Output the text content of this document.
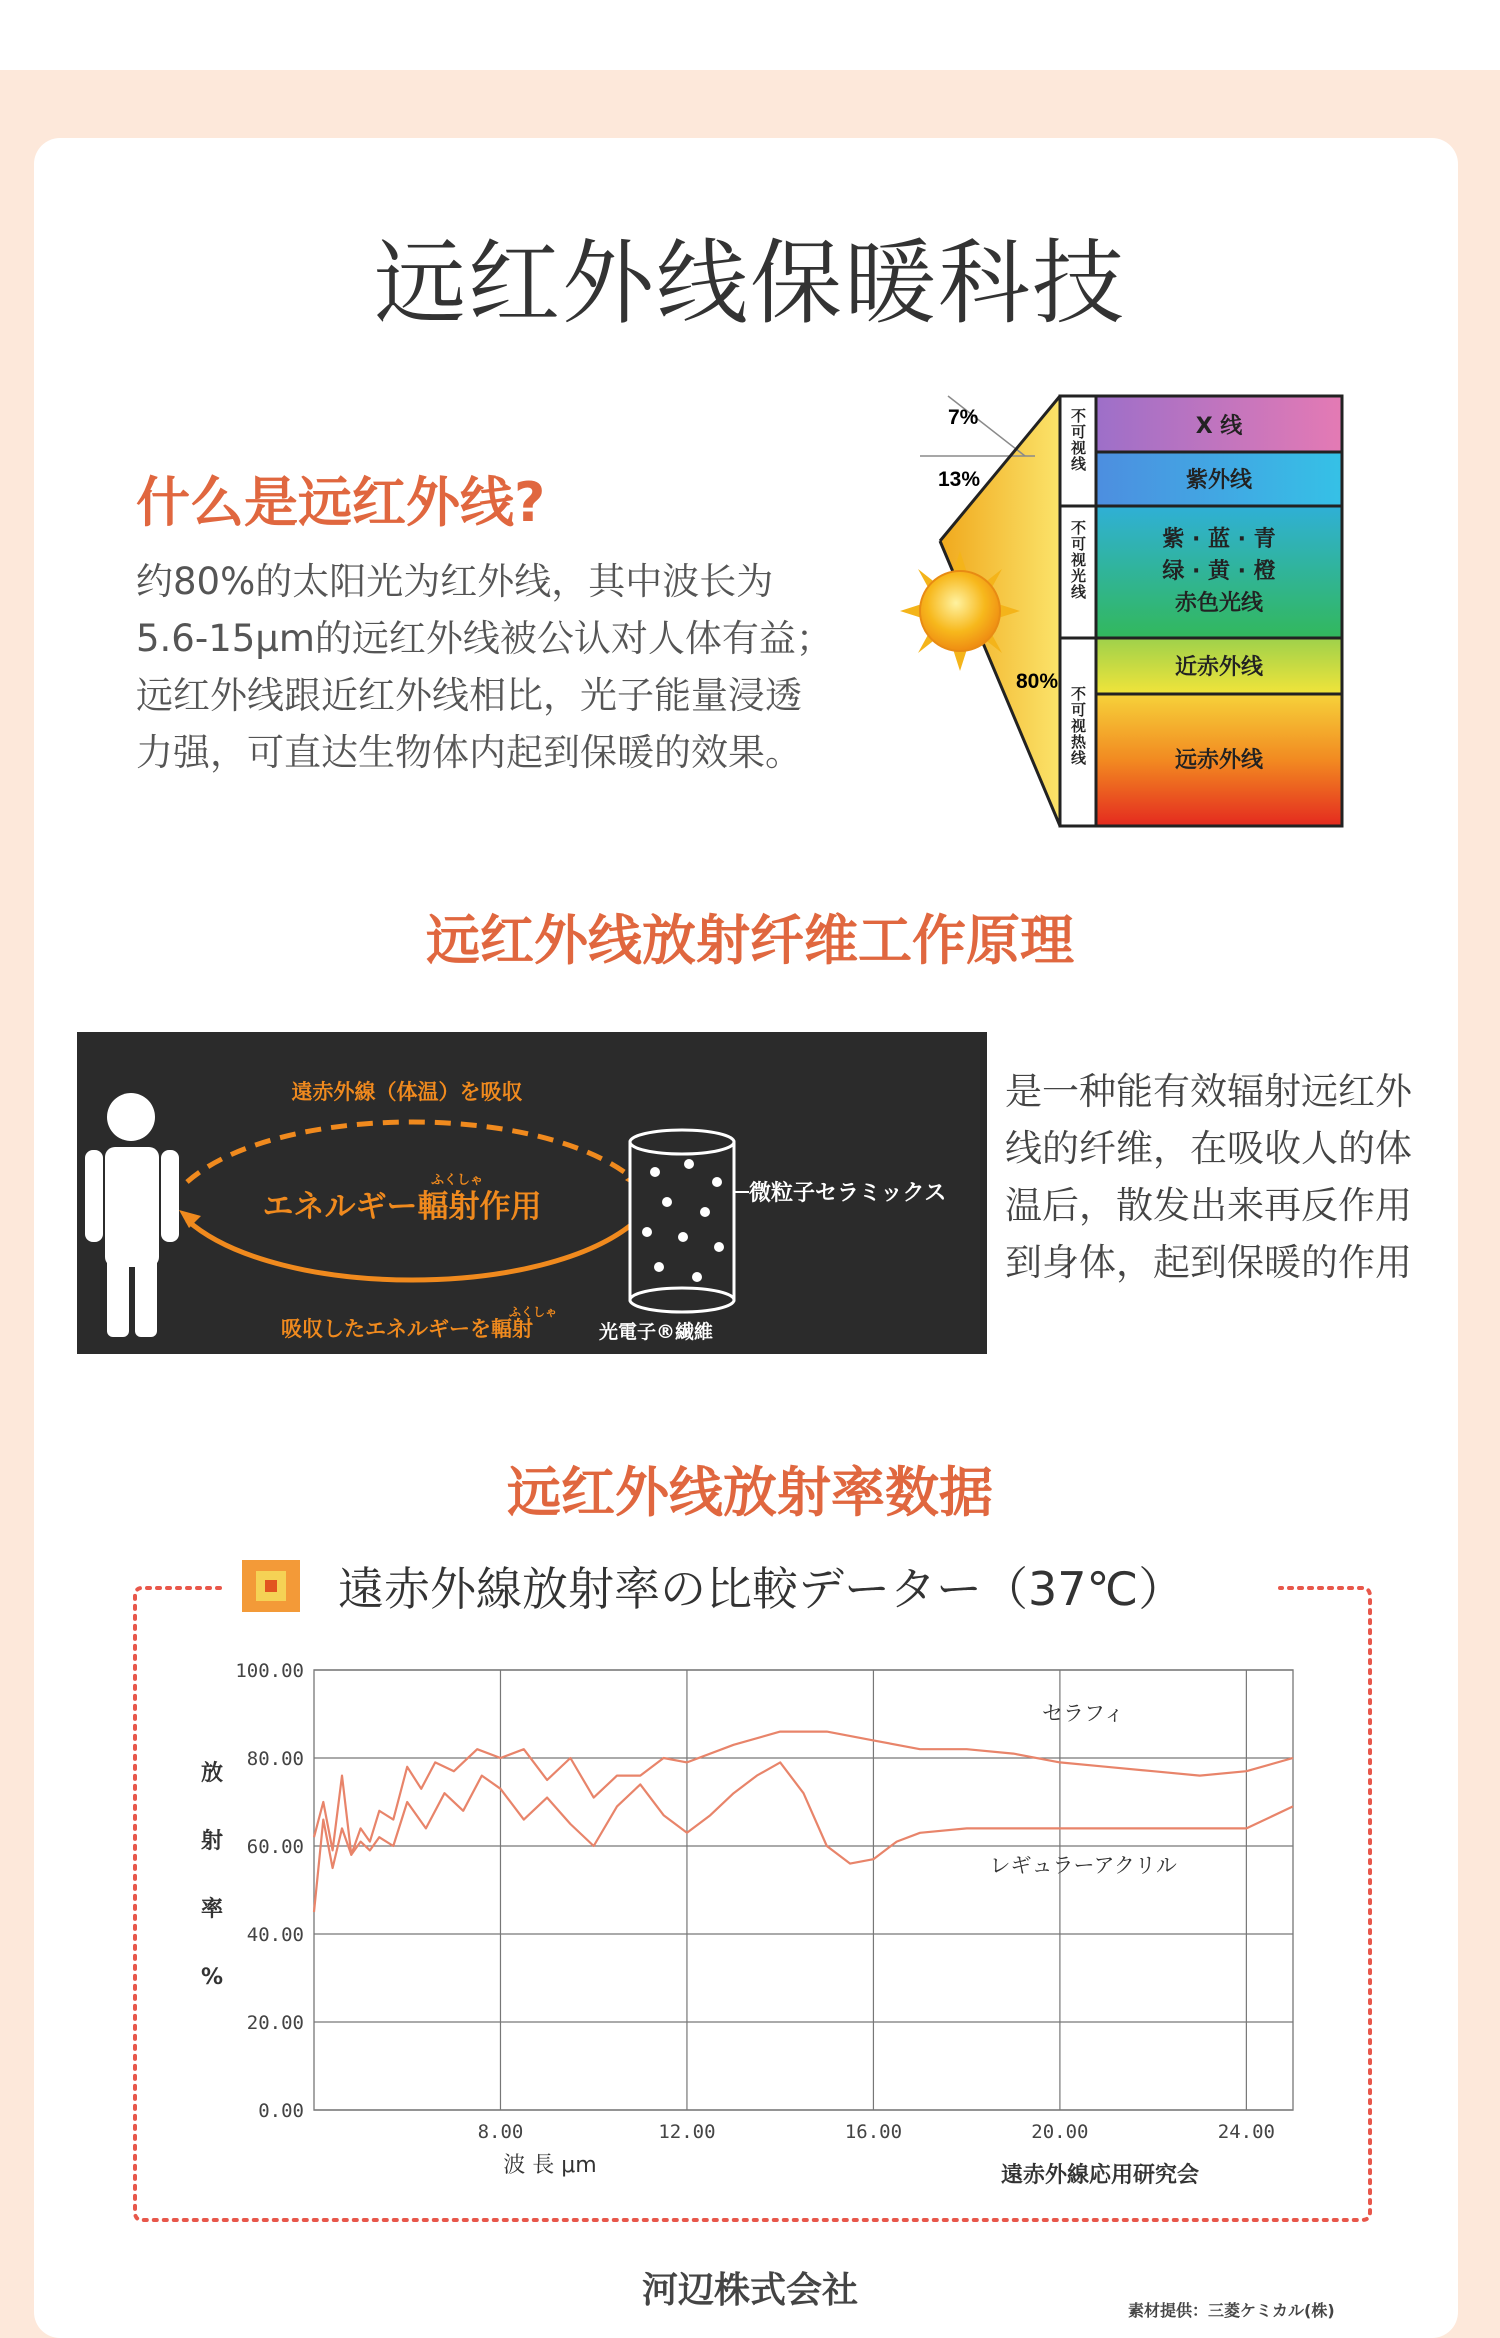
远红外线保暖科技
什么是远红外线?
约80%的太阳光为红外线，其中波长为
5.6-15μm的远红外线被公认对人体有益；
远红外线跟近红外线相比，光子能量浸透
力强，可直达生物体内起到保暖的效果。
7%
13%
80%
不可视线
不可视光线
不可视热线
X 线
紫外线
紫 · 蓝 · 青
绿 · 黄 · 橙
赤色光线
近赤外线
远赤外线
远红外线放射纤维工作原理
遠赤外線（体温）を吸収
ふくしゃ
エネルギー輻射作用
ふくしゃ
吸収したエネルギーを輻射
微粒子セラミックス
光電子®繊維
是一种能有效辐射远红外
线的纤维，在吸收人的体
温后，散发出来再反作用
到身体，起到保暖的作用
远红外线放射率数据
遠赤外線放射率の比較データー（37℃）
放
射
率
%
100.00
80.00
60.00
40.00
20.00
0.00
8.00	12.00	16.00	20.00	24.00
セラフィ
レギュラーアクリル
波 長 μm	遠赤外線応用研究会
河辺株式会社	素材提供：三菱ケミカル(株)
